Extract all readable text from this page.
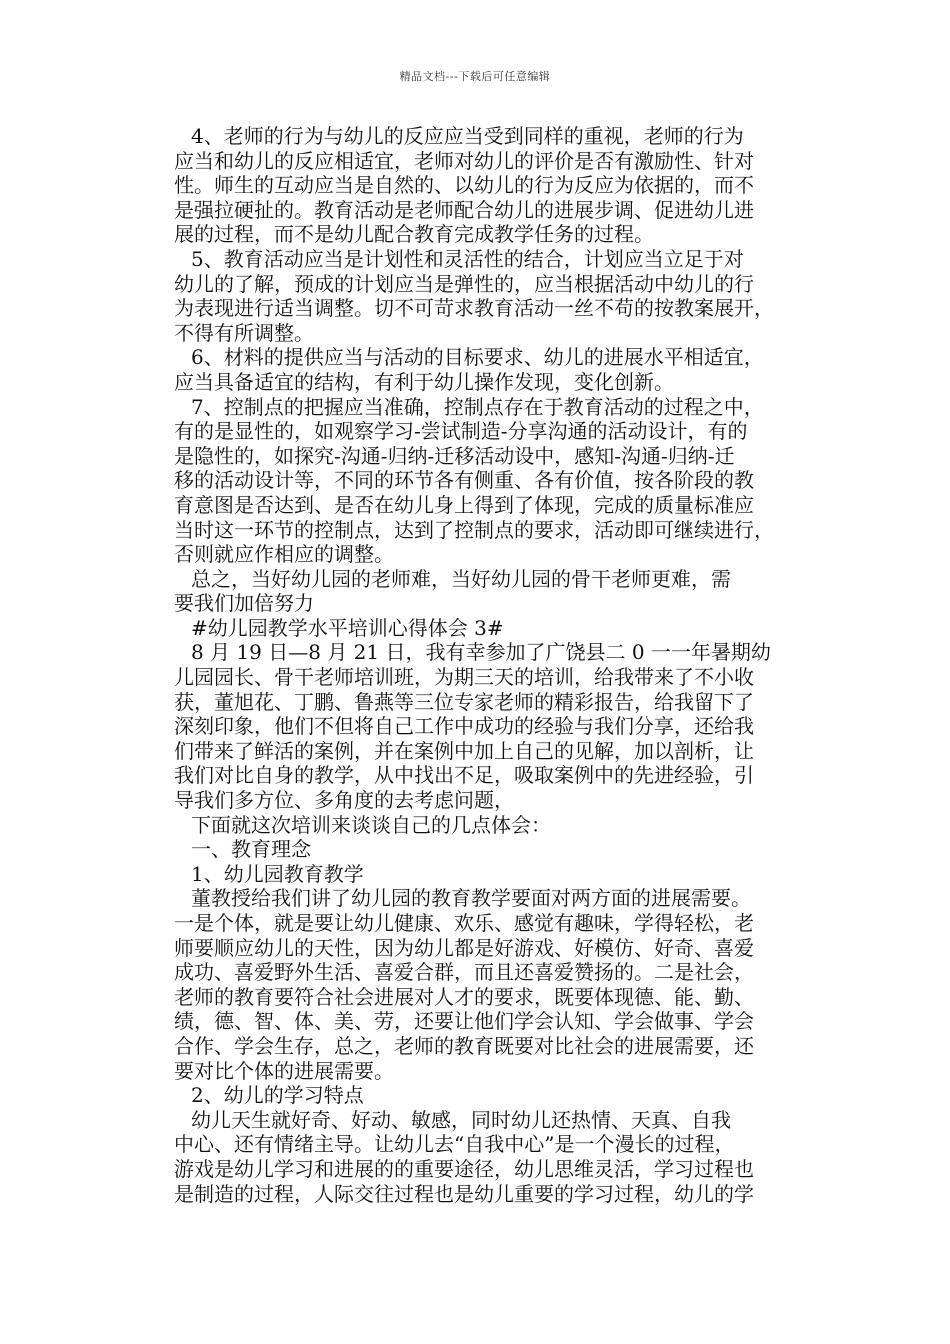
精品文档---下载后可任意编辑
4、老师的行为与幼儿的反应应当受到同样的重视，老师的行为
应当和幼儿的反应相适宜，老师对幼儿的评价是否有激励性、针对
性。师生的互动应当是自然的、以幼儿的行为反应为依据的，而不
是强拉硬扯的。教育活动是老师配合幼儿的进展步调、促进幼儿进
展的过程，而不是幼儿配合教育完成教学任务的过程。
5、教育活动应当是计划性和灵活性的结合，计划应当立足于对
幼儿的了解，预成的计划应当是弹性的，应当根据活动中幼儿的行
为表现进行适当调整。切不可苛求教育活动一丝不苟的按教案展开，
不得有所调整。
6、材料的提供应当与活动的目标要求、幼儿的进展水平相适宜，
应当具备适宜的结构，有利于幼儿操作发现，变化创新。
7、控制点的把握应当准确，控制点存在于教育活动的过程之中，
有的是显性的，如观察学习-尝试制造-分享沟通的活动设计，有的
是隐性的，如探究-沟通-归纳-迁移活动设中，感知-沟通-归纳-迁
移的活动设计等，不同的环节各有侧重、各有价值，按各阶段的教
育意图是否达到、是否在幼儿身上得到了体现，完成的质量标准应
当时这一环节的控制点，达到了控制点的要求，活动即可继续进行，
否则就应作相应的调整。
总之，当好幼儿园的老师难，当好幼儿园的骨干老师更难，需
要我们加倍努力
#幼儿园教学水平培训心得体会 3#
8 月 19 日—8 月 21 日，我有幸参加了广饶县二 0 一一年暑期幼
儿园园长、骨干老师培训班，为期三天的培训，给我带来了不小收
获，董旭花、丁鹏、鲁燕等三位专家老师的精彩报告，给我留下了
深刻印象，他们不但将自己工作中成功的经验与我们分享，还给我
们带来了鲜活的案例，并在案例中加上自己的见解，加以剖析，让
我们对比自身的教学，从中找出不足，吸取案例中的先进经验，引
导我们多方位、多角度的去考虑问题，
下面就这次培训来谈谈自己的几点体会：
一、教育理念
1、幼儿园教育教学
董教授给我们讲了幼儿园的教育教学要面对两方面的进展需要。
一是个体，就是要让幼儿健康、欢乐、感觉有趣味，学得轻松，老
师要顺应幼儿的天性，因为幼儿都是好游戏、好模仿、好奇、喜爱
成功、喜爱野外生活、喜爱合群，而且还喜爱赞扬的。二是社会，
老师的教育要符合社会进展对人才的要求，既要体现德、能、勤、
绩，德、智、体、美、劳，还要让他们学会认知、学会做事、学会
合作、学会生存，总之，老师的教育既要对比社会的进展需要，还
要对比个体的进展需要。
2、幼儿的学习特点
幼儿天生就好奇、好动、敏感，同时幼儿还热情、天真、自我
中心、还有情绪主导。让幼儿去“自我中心”是一个漫长的过程，
游戏是幼儿学习和进展的的重要途径，幼儿思维灵活，学习过程也
是制造的过程，人际交往过程也是幼儿重要的学习过程，幼儿的学
